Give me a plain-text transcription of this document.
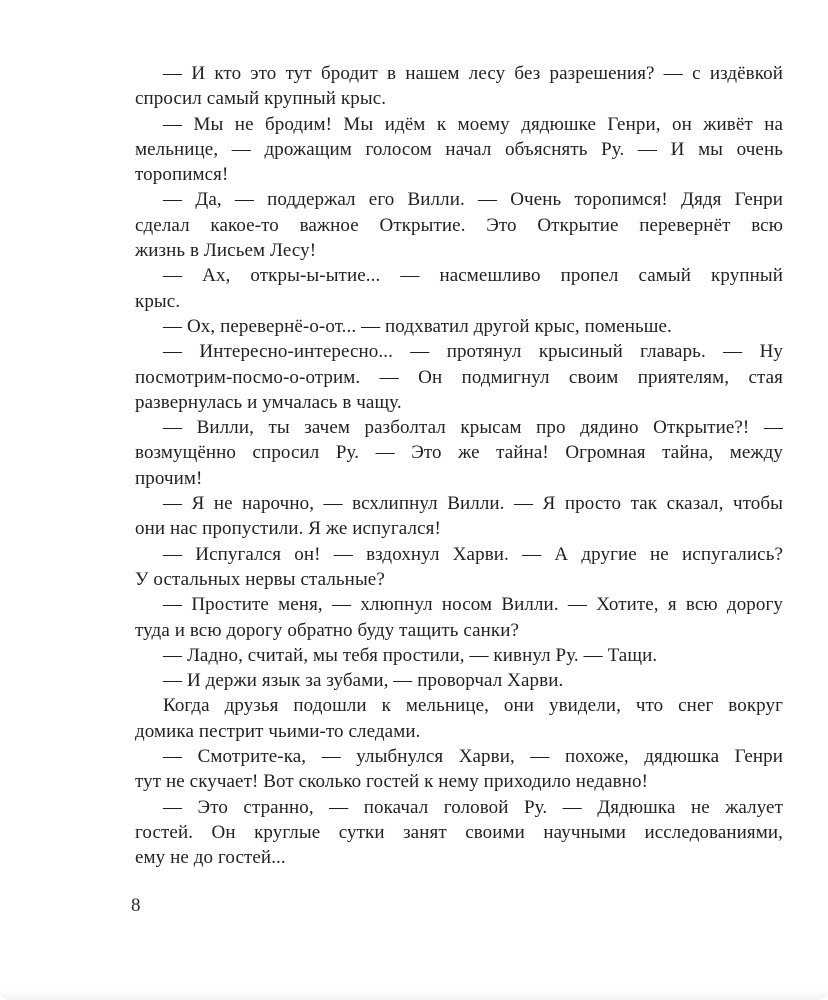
— И кто это тут бродит в нашем лесу без разрешения? — с издёвкой
спросил самый крупный крыс.

— Мы не бродим! Мы идём к моему дядюшке Генри, он живёт на
мельнице, — дрожащим голосом начал объяснять Ру. — И мы очень
торопимся!

— Да, — поддержал его Вилли. — Очень торопимся! Дядя Генри
сделал какое-то важное Открытие. Это Открытие перевернёт всю
жизнь в Лисьем Лесу!

— Ах, откры-ы-ытие... — насмешливо пропел самый крупный
крыс.

— Ох, перевернё-о-от... — подхватил другой крыс, поменьше.

— Интересно-интересно... — протянул крысиный главарь. — Ну
посмотрим-посмо-о-отрим. — Он подмигнул своим приятелям, стая
развернулась и умчалась в чащу.

— Вилли, ты зачем разболтал крысам про дядино Открытие?! —
возмущённо спросил Ру. — Это же тайна! Огромная тайна, между
прочим!

— Я не нарочно, — всхлипнул Вилли. — Я просто так сказал, чтобы
они нас пропустили. Я же испугался!

— Испугался он! — вздохнул Харви. — А другие не испугались?
У остальных нервы стальные?

— Простите меня, — хлюпнул носом Вилли. — Хотите, я всю дорогу
туда и всю дорогу обратно буду тащить санки?

— Ладно, считай, мы тебя простили, — кивнул Ру. — Тащи.

— И держи язык за зубами, — проворчал Харви.

Когда друзья подошли к мельнице, они увидели, что снег вокруг
домика пестрит чьими-то следами.

— Смотрите-ка, — улыбнулся Харви, — похоже, дядюшка Генри
тут не скучает! Вот сколько гостей к нему приходило недавно!

— Это странно, — покачал головой Ру. — Дядюшка не жалует
гостей. Он круглые сутки занят своими научными исследованиями,
ему не до гостей...

8
